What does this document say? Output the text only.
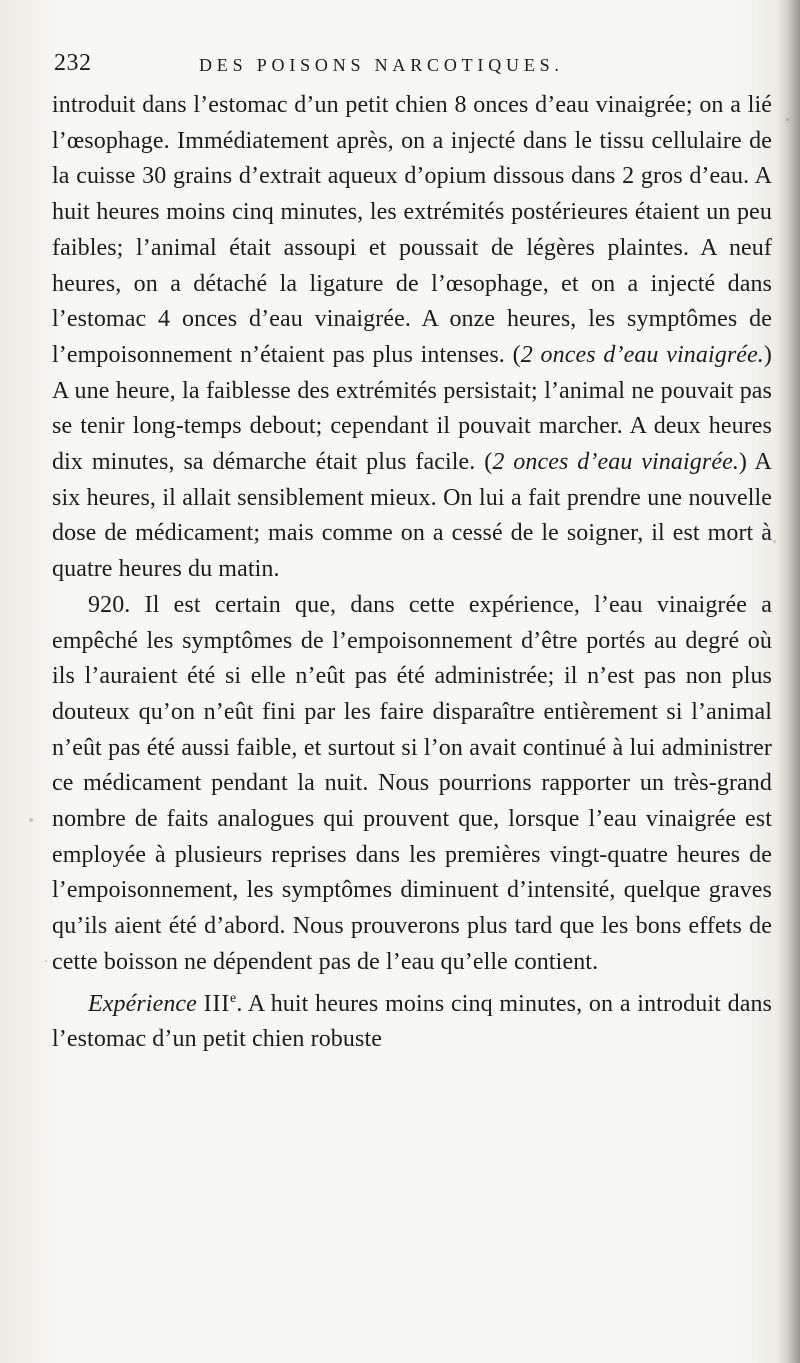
232	DES POISONS NARCOTIQUES.

introduit dans l’estomac d’un petit chien 8 onces d’eau vinaigrée; on a lié l’œsophage. Immédiatement après, on a injecté dans le tissu cellulaire de la cuisse 30 grains d’extrait aqueux d’opium dissous dans 2 gros d’eau. A huit heures moins cinq minutes, les extrémités postérieures étaient un peu faibles; l’animal était assoupi et poussait de légères plaintes. A neuf heures, on a détaché la ligature de l’œsophage, et on a injecté dans l’estomac 4 onces d’eau vinaigrée. A onze heures, les symptômes de l’empoisonnement n’étaient pas plus intenses. (2 onces d’eau vinaigrée.) A une heure, la faiblesse des extrémités persistait; l’animal ne pouvait pas se tenir long-temps debout; cependant il pouvait marcher. A deux heures dix minutes, sa démarche était plus facile. (2 onces d’eau vinaigrée.) A six heures, il allait sensiblement mieux. On lui a fait prendre une nouvelle dose de médicament; mais comme on a cessé de le soigner, il est mort à quatre heures du matin.

920. Il est certain que, dans cette expérience, l’eau vinaigrée a empêché les symptômes de l’empoisonnement d’être portés au degré où ils l’auraient été si elle n’eût pas été administrée; il n’est pas non plus douteux qu’on n’eût fini par les faire disparaître entièrement si l’animal n’eût pas été aussi faible, et surtout si l’on avait continué à lui administrer ce médicament pendant la nuit. Nous pourrions rapporter un très-grand nombre de faits analogues qui prouvent que, lorsque l’eau vinaigrée est employée à plusieurs reprises dans les premières vingt-quatre heures de l’empoisonnement, les symptômes diminuent d’intensité, quelque graves qu’ils aient été d’abord. Nous prouverons plus tard que les bons effets de cette boisson ne dépendent pas de l’eau qu’elle contient.

Expérience IIIe. A huit heures moins cinq minutes, on a introduit dans l’estomac d’un petit chien robuste
